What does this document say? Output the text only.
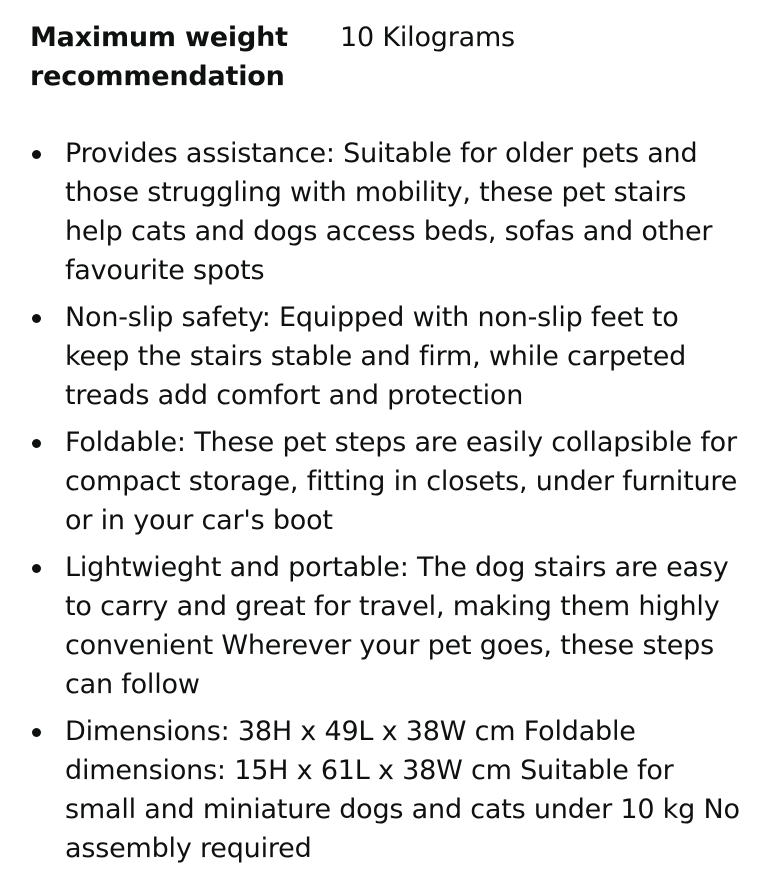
Maximum weight recommendation
10 Kilograms
Provides assistance: Suitable for older pets and those struggling with mobility, these pet stairs help cats and dogs access beds, sofas and other favourite spots
Non-slip safety: Equipped with non-slip feet to keep the stairs stable and firm, while carpeted treads add comfort and protection
Foldable: These pet steps are easily collapsible for compact storage, fitting in closets, under furniture or in your car's boot
Lightwieght and portable: The dog stairs are easy to carry and great for travel, making them highly convenient Wherever your pet goes, these steps can follow
Dimensions: 38H x 49L x 38W cm Foldable dimensions: 15H x 61L x 38W cm Suitable for small and miniature dogs and cats under 10 kg No assembly required
